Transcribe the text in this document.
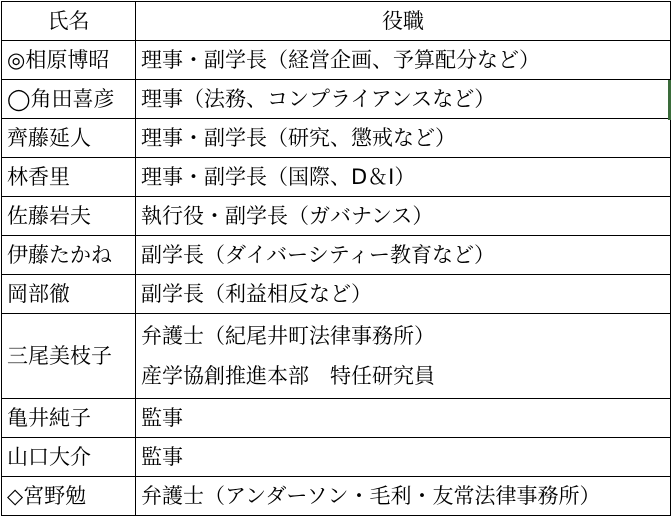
氏名	役職
◎相原博昭	理事・副学長（経営企画、予算配分など）
◯角田喜彦	理事（法務、コンプライアンスなど）
齊藤延人	理事・副学長（研究、懲戒など）
林香里	理事・副学長（国際、D＆I）
佐藤岩夫	執行役・副学長（ガバナンス）
伊藤たかね	副学長（ダイバーシティー教育など）
岡部徹	副学長（利益相反など）
三尾美枝子	弁護士（紀尾井町法律事務所）
産学協創推進本部　特任研究員

亀井純子	監事
山口大介	監事
◇宮野勉	弁護士（アンダーソン・毛利・友常法律事務所）
